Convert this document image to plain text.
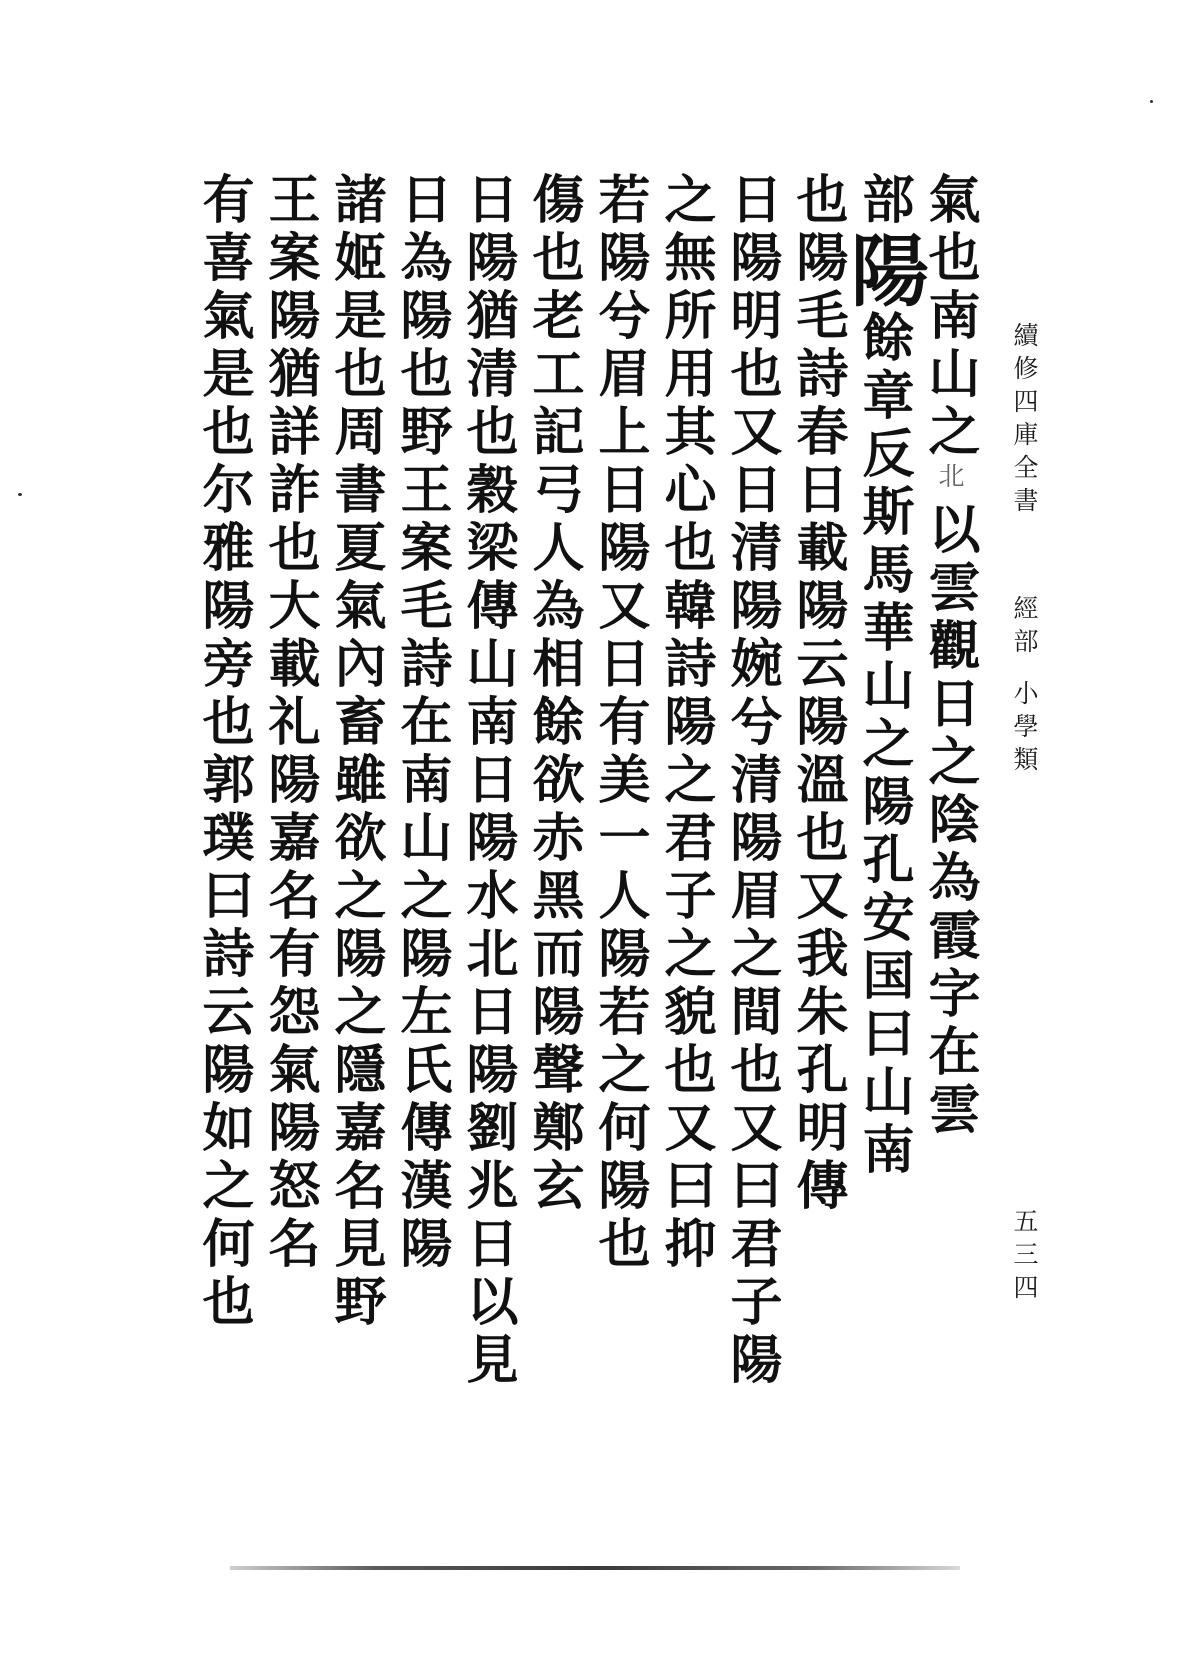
續修四庫全書
經部
小學類
五三四
氣也南山之北以雲觀日之陰為霞字在雲
部陽餘章反斯馬華山之陽孔安国曰山南
也陽毛詩春日載陽云陽溫也又我朱孔明傳
日陽明也又日清陽婉兮清陽眉之間也又曰君子陽
之無所用其心也韓詩陽之君子之貌也又曰抑
若陽兮眉上日陽又日有美一人陽若之何陽也
傷也老工記弓人為相餘欲赤黑而陽聲鄭玄
日陽猶清也穀梁傳山南日陽水北日陽劉兆日以見
日為陽也野王案毛詩在南山之陽左氏傳漢陽
諸姬是也周書夏氣內畜雖欲之陽之隱嘉名見野
王案陽猶詳詐也大載礼陽嘉名有怨氣陽怒名
有喜氣是也尔雅陽旁也郭璞曰詩云陽如之何也
